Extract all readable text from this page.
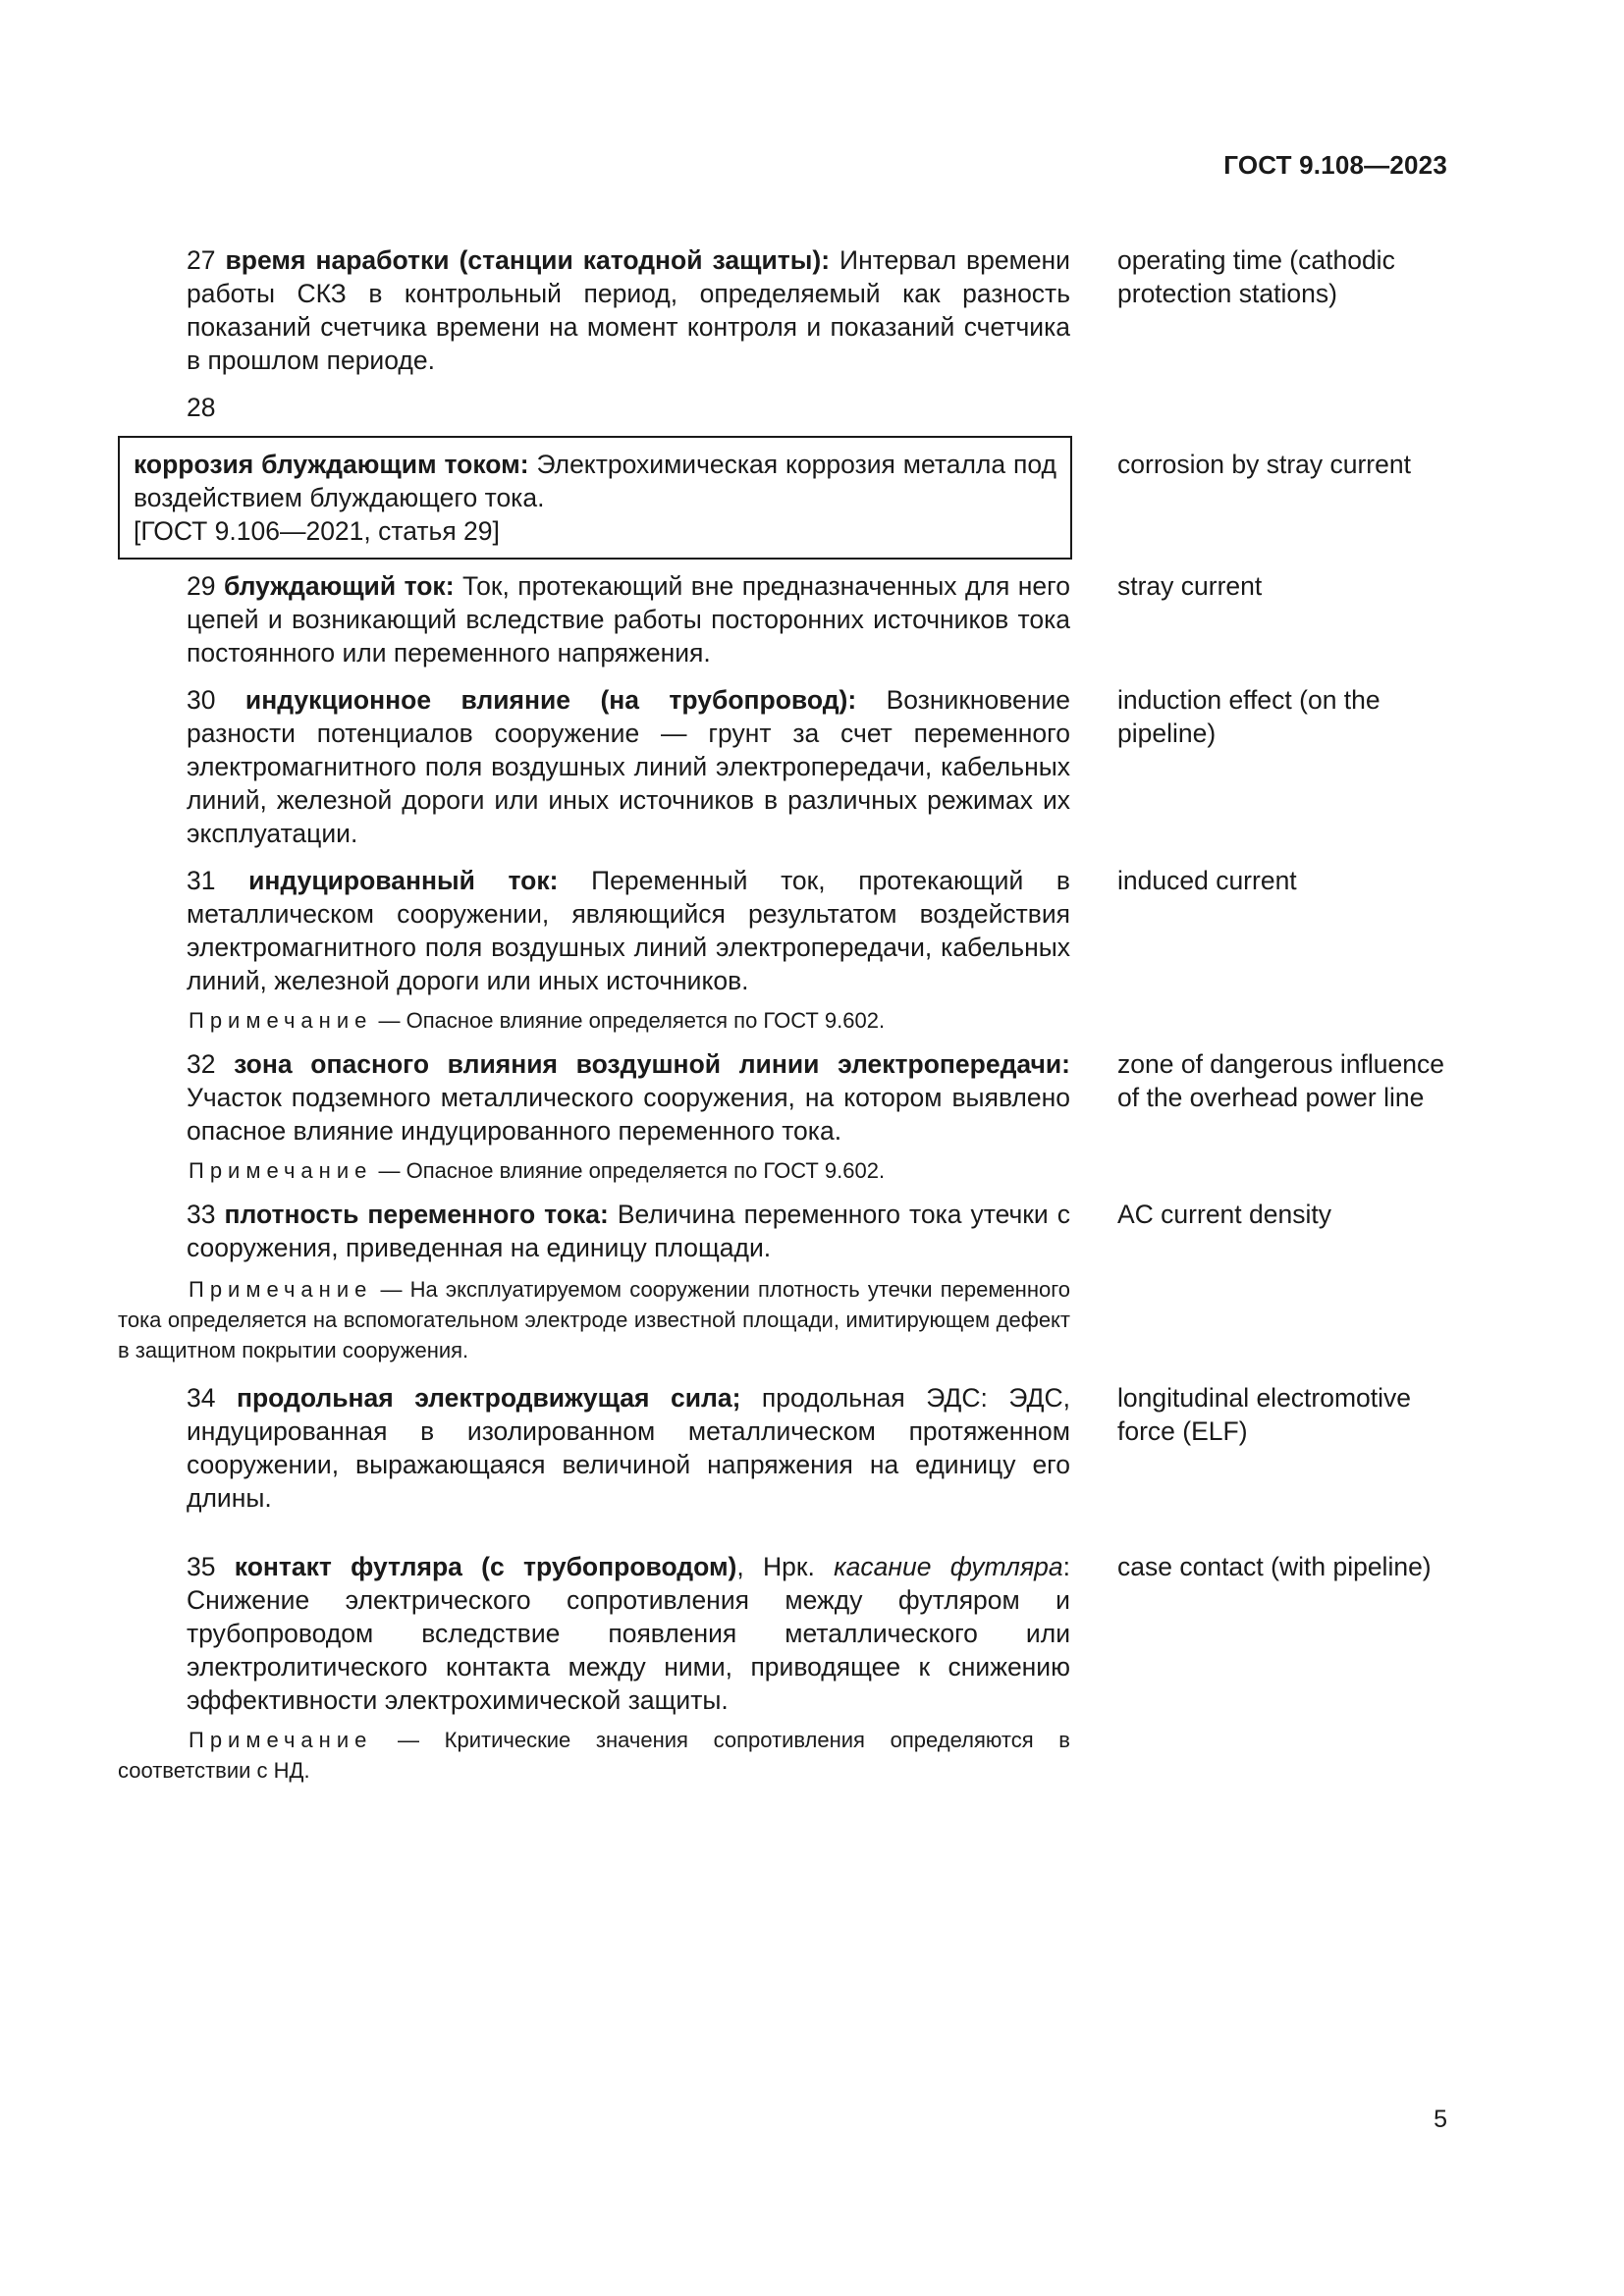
ГОСТ 9.108—2023
27 время наработки (станции катодной защиты): Интервал времени работы СКЗ в контрольный период, определяемый как разность показаний счетчика времени на момент контроля и показаний счетчика в прошлом периоде.
operating time (cathodic protection stations)
28
коррозия блуждающим током: Электрохимическая коррозия металла под воздействием блуждающего тока.
[ГОСТ 9.106—2021, статья 29]
corrosion by stray current
29 блуждающий ток: Ток, протекающий вне предназначенных для него цепей и возникающий вследствие работы посторонних источников тока постоянного или переменного напряжения.
stray current
30 индукционное влияние (на трубопровод): Возникновение разности потенциалов сооружение — грунт за счет переменного электромагнитного поля воздушных линий электропередачи, кабельных линий, железной дороги или иных источников в различных режимах их эксплуатации.
induction effect (on the pipeline)
31 индуцированный ток: Переменный ток, протекающий в металлическом сооружении, являющийся результатом воздействия электромагнитного поля воздушных линий электропередачи, кабельных линий, железной дороги или иных источников.
induced current
Примечание — Опасное влияние определяется по ГОСТ 9.602.
32 зона опасного влияния воздушной линии электропередачи: Участок подземного металлического сооружения, на котором выявлено опасное влияние индуцированного переменного тока.
zone of dangerous influence of the overhead power line
Примечание — Опасное влияние определяется по ГОСТ 9.602.
33 плотность переменного тока: Величина переменного тока утечки с сооружения, приведенная на единицу площади.
AC current density
Примечание — На эксплуатируемом сооружении плотность утечки переменного тока определяется на вспомогательном электроде известной площади, имитирующем дефект в защитном покрытии сооружения.
34 продольная электродвижущая сила; продольная ЭДС: ЭДС, индуцированная в изолированном металлическом протяженном сооружении, выражающаяся величиной напряжения на единицу его длины.
longitudinal electromotive force (ELF)
35 контакт футляра (с трубопроводом), Нрк. касание футляра: Снижение электрического сопротивления между футляром и трубопроводом вследствие появления металлического или электролитического контакта между ними, приводящее к снижению эффективности электрохимической защиты.
case contact (with pipeline)
Примечание — Критические значения сопротивления определяются в соответствии с НД.
5
